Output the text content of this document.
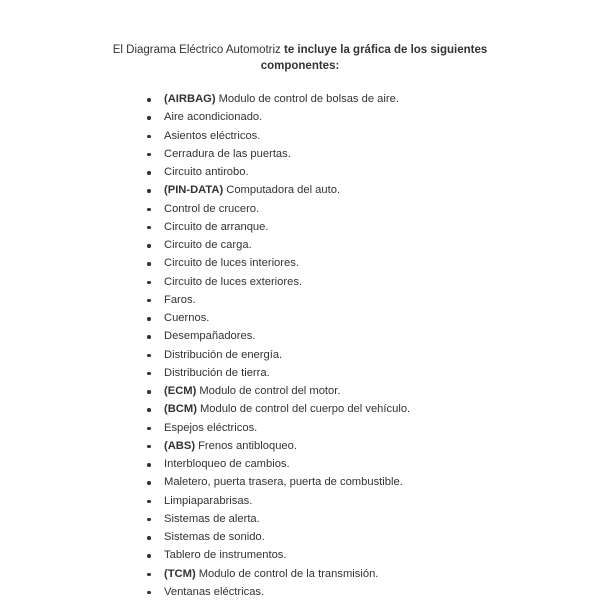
El Diagrama Eléctrico Automotriz te incluye la gráfica de los siguientes
componentes:
(AIRBAG) Modulo de control de bolsas de aire.
Aire acondicionado.
Asientos eléctricos.
Cerradura de las puertas.
Circuito antirobo.
(PIN-DATA) Computadora del auto.
Control de crucero.
Circuito de arranque.
Circuito de carga.
Circuito de luces interiores.
Circuito de luces exteriores.
Faros.
Cuernos.
Desempañadores.
Distribución de energía.
Distribución de tierra.
(ECM) Modulo de control del motor.
(BCM) Modulo de control del cuerpo del vehículo.
Espejos eléctricos.
(ABS) Frenos antibloqueo.
Interbloqueo de cambios.
Maletero, puerta trasera, puerta de combustible.
Limpiaparabrisas.
Sistemas de alerta.
Sistemas de sonido.
Tablero de instrumentos.
(TCM) Modulo de control de la transmisión.
Ventanas eléctricas.
